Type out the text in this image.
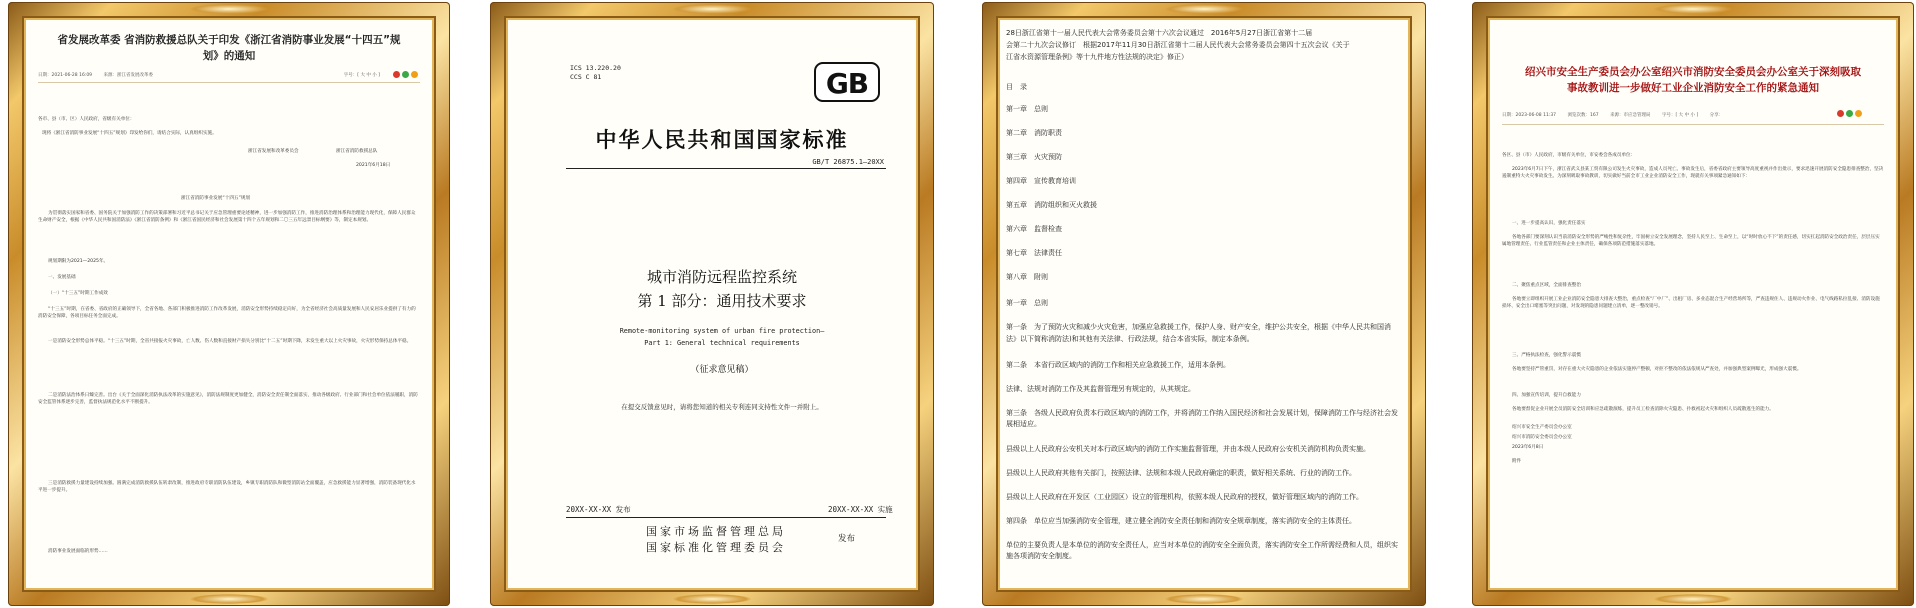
省发展改革委 省消防救援总队关于印发《浙江省消防事业发展“十四五”规划》的通知
日期：2021-06-28 16:09	来源：浙江省发展改革委	字号：[ 大 中 小 ]
各市、县（市、区）人民政府，省级有关单位：
现将《浙江省消防事业发展“十四五”规划》印发给你们，请结合实际，认真组织实施。
浙江省发展和改革委员会	浙江省消防救援总队
2021年6月18日
浙江省消防事业发展“十四五”规划
为贯彻落实国家和省委、国务院关于加强消防工作的决策部署和习近平总书记关于应急管理重要论述精神，进一步加强消防工作，推进消防治理体系和治理能力现代化，保障人民群众生命财产安全，根据《中华人民共和国消防法》《浙江省消防条例》和《浙江省国民经济和社会发展第十四个五年规划和二〇三五年远景目标纲要》等，制定本规划。
规划期限为2021—2025年。
一、发展基础
（一）“十三五”时期工作成效
“十三五”时期，在省委、省政府的正确领导下，全省各地、各部门积极推进消防工作改革发展，消防安全形势持续稳定向好，为全省经济社会高质量发展和人民安居乐业提供了有力的消防安全保障，各项目标任务全面完成。
一是消防安全形势总体平稳。“十三五”时期，全省共接报火灾事故，亡人数、伤人数和直接财产损失分别比“十二五”时期下降，未发生重大以上火灾事故，火灾形势保持总体平稳。
二是消防法治体系日臻完善。出台《关于全面深化消防执法改革的实施意见》，消防法规制度更加健全，消防安全责任制全面落实，推动各级政府、行业部门和社会单位依法履职，消防安全监管体系逐步完善，监督执法规范化水平不断提升。
三是消防救援力量建设持续加强。圆满完成消防救援队伍转隶改制，推进政府专职消防队伍建设，乡镇专职消防队和微型消防站全面覆盖，应急救援能力显著增强，消防装备现代化水平进一步提升。
消防事业发展面临的形势……
ICS 13.220.20
CCS C 81	GB
中华人民共和国国家标准
GB/T 26875.1—20XX
城市消防远程监控系统
第 1 部分：通用技术要求
Remote-monitoring system of urban fire protection—
Part 1: General technical requirements
（征求意见稿）
在提交反馈意见时，请将您知道的相关专利连同支持性文件一并附上。
20XX-XX-XX 发布	20XX-XX-XX 实施
国家市场监督管理总局
国家标准化管理委员会
发布
28日浙江省第十一届人民代表大会常务委员会第十六次会议通过　2016年5月27日浙江省第十二届
会第二十九次会议修订　根据2017年11月30日浙江省第十二届人民代表大会常务委员会第四十五次会议《关于
江省水资源管理条例》等十九件地方性法规的决定》修正）
目　录
第一章　 总则
第二章　 消防职责
第三章　 火灾预防
第四章　 宣传教育培训
第五章　 消防组织和灭火救援
第六章　 监督检查
第七章　 法律责任
第八章　 附则
第一章　总则
第一条　为了预防火灾和减少火灾危害，加强应急救援工作，保护人身、财产安全，维护公共安全，根据《中华人民共和国消
法》以下简称消防法)和其他有关法律、行政法规，结合本省实际，制定本条例。
第二条　本省行政区域内的消防工作和相关应急救援工作，适用本条例。
法律、法规对消防工作及其监督管理另有规定的，从其规定。
第三条　各级人民政府负责本行政区域内的消防工作，并将消防工作纳入国民经济和社会发展计划，保障消防工作与经济社会发展相适应。
县级以上人民政府公安机关对本行政区域内的消防工作实施监督管理，并由本级人民政府公安机关消防机构负责实施。
县级以上人民政府其他有关部门，按照法律、法规和本级人民政府确定的职责，做好相关系统、行业的消防工作。
县级以上人民政府在开发区（工业园区）设立的管理机构，依照本级人民政府的授权，做好管理区域内的消防工作。
第四条　单位应当加强消防安全管理，建立健全消防安全责任制和消防安全规章制度，落实消防安全的主体责任。
单位的主要负责人是本单位的消防安全责任人，应当对本单位的消防安全全面负责，落实消防安全工作所需经费和人员，组织实施各项消防安全制度。
绍兴市安全生产委员会办公室绍兴市消防安全委员会办公室关于深刻吸取事故教训进一步做好工业企业消防安全工作的紧急通知
日期：2023-06-08 11:37	浏览次数：167	来源：市应急管理局	字号：[ 大 中 小 ]	分享：
各区、县（市）人民政府，市级有关单位，市安委会各成员单位：
2023年6月7日下午，浙江省武义县某工贸有限公司发生火灾事故，造成人员死亡。事故发生后，省委省政府主要领导高度重视并作出批示，要求迅速开展消防安全隐患排查整治，坚决遏制重特大火灾事故发生。为深刻吸取事故教训，切实做好当前全市工业企业消防安全工作，现就有关事项紧急通知如下：
一、进一步提高认识，强化责任落实
各地各部门要深刻认识当前消防安全形势的严峻性和复杂性，牢固树立安全发展理念，坚持人民至上、生命至上，以“时时放心不下”的责任感，切实扛起消防安全政治责任，层层压实属地管理责任、行业监管责任和企业主体责任，确保各项防范措施落实落地。
二、聚焦重点区域，全面排查整治
各地要立即组织开展工业企业消防安全隐患大排查大整治，重点检查“厂中厂”、出租厂房、多业态混合生产经营场所等，严查违规住人、违规动火作业、电气线路私拉乱接、消防设施损坏、安全出口堵塞等突出问题，对发现的隐患问题建立清单，逐一整改销号。
三、严格执法检查，强化警示震慑
各地要坚持严管重罚，对存在重大火灾隐患的企业依法实施停产整顿，对拒不整改的依法依规从严查处，并加强典型案例曝光，形成强大震慑。
四、加强宣传培训，提升自救能力
各地要督促企业开展全员消防安全培训和应急疏散演练，提升员工检查消除火灾隐患、扑救初起火灾和组织人员疏散逃生的能力。
绍兴市安全生产委员会办公室
绍兴市消防安全委员会办公室
2023年6月8日
附件
